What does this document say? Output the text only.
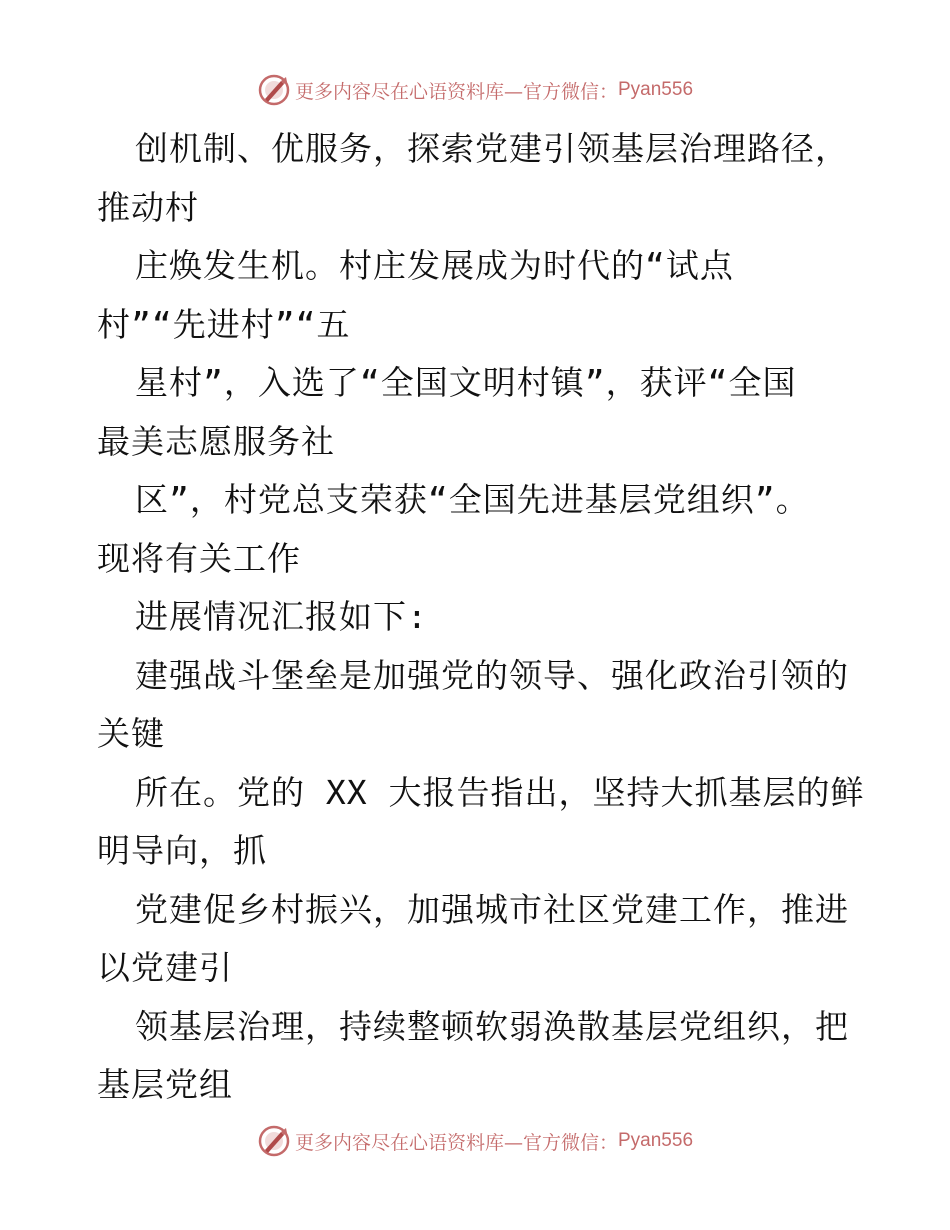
更多内容尽在心语资料库—官方微信： Pyan556
创机制、优服务，探索党建引领基层治理路径，
推动村
庄焕发生机。村庄发展成为时代的“试点
村”“先进村”“五
星村”，入选了“全国文明村镇”，获评“全国
最美志愿服务社
区”，村党总支荣获“全国先进基层党组织”。
现将有关工作
进展情况汇报如下:
建强战斗堡垒是加强党的领导、强化政治引领的
关键
所在。党的 XX 大报告指出，坚持大抓基层的鲜
明导向，抓
党建促乡村振兴，加强城市社区党建工作，推进
以党建引
领基层治理，持续整顿软弱涣散基层党组织，把
基层党组
更多内容尽在心语资料库—官方微信： Pyan556
